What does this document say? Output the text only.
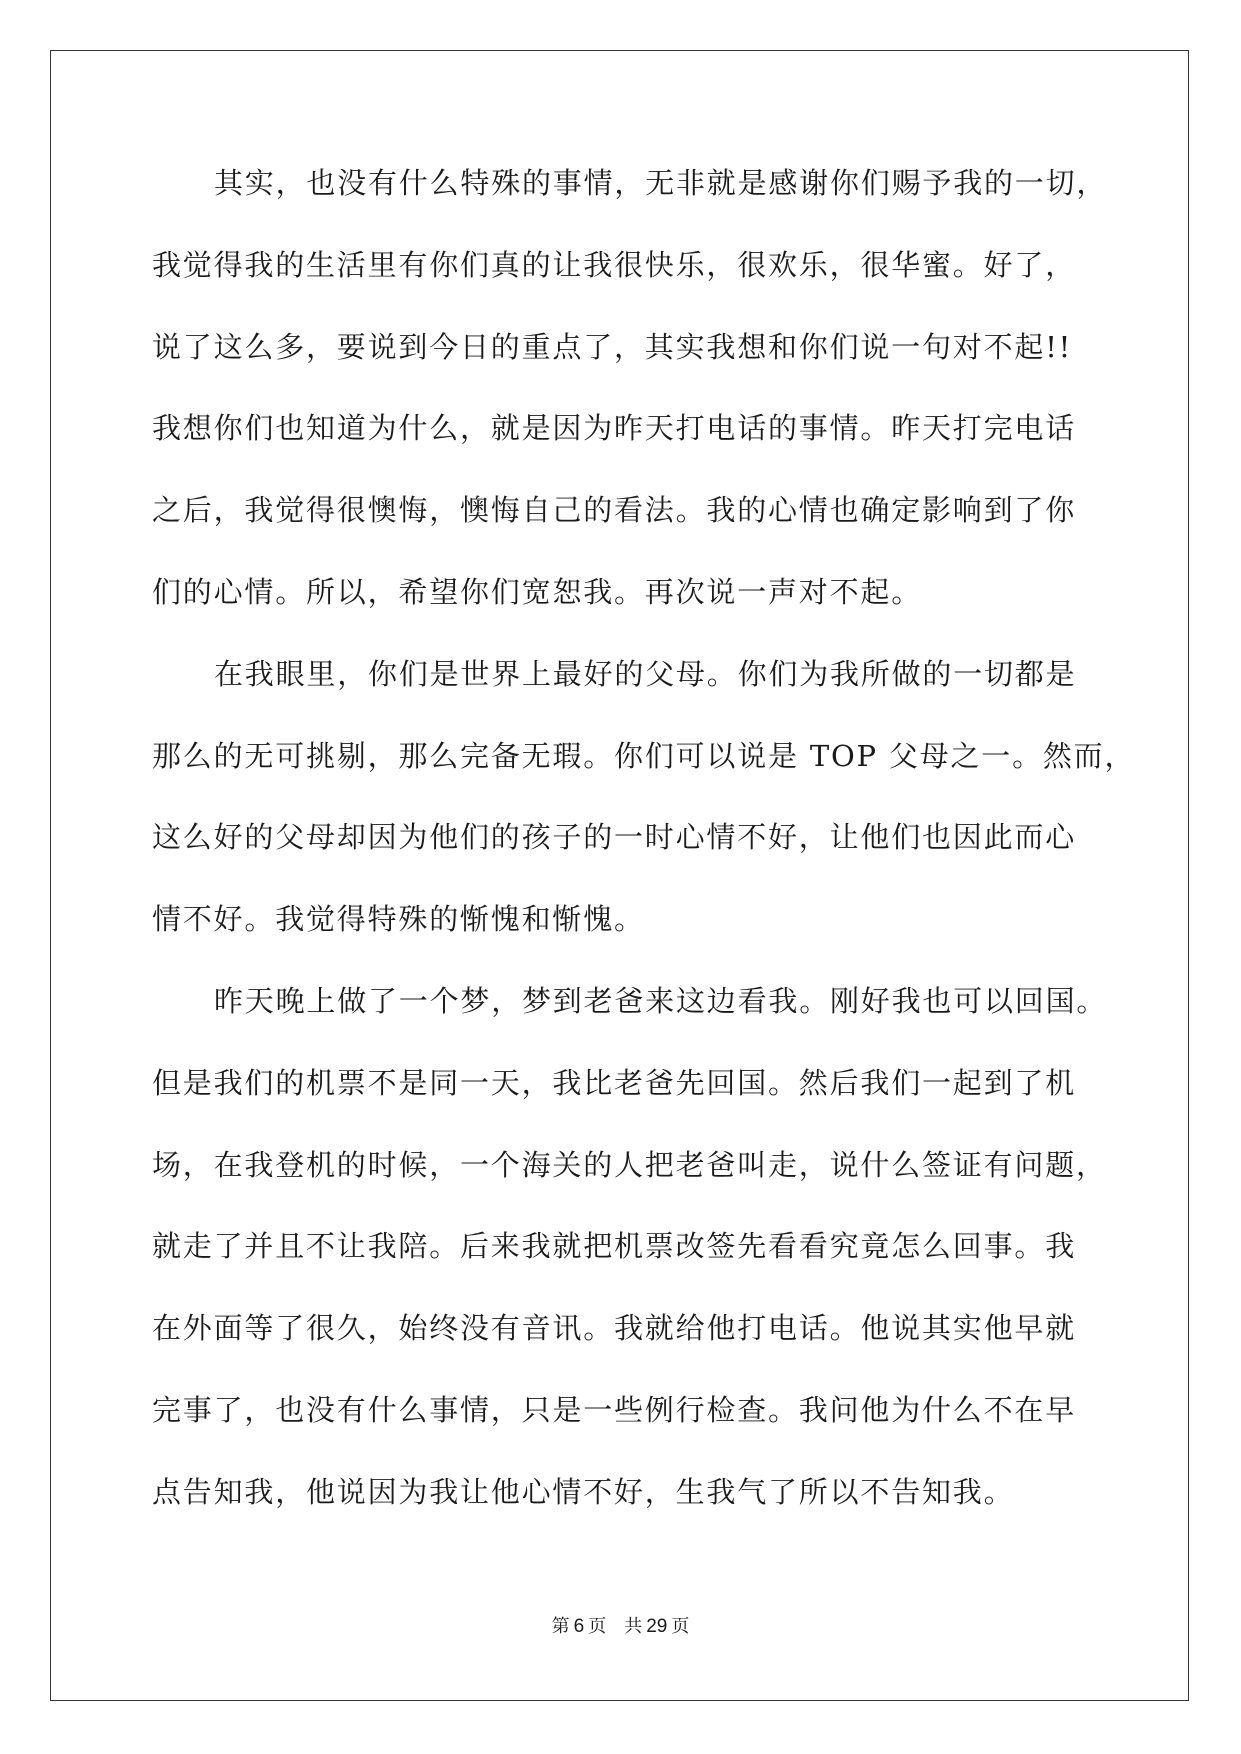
其实，也没有什么特殊的事情，无非就是感谢你们赐予我的一切，
我觉得我的生活里有你们真的让我很快乐，很欢乐，很华蜜。好了，
说了这么多，要说到今日的重点了，其实我想和你们说一句对不起!!
我想你们也知道为什么，就是因为昨天打电话的事情。昨天打完电话
之后，我觉得很懊悔，懊悔自己的看法。我的心情也确定影响到了你
们的心情。所以，希望你们宽恕我。再次说一声对不起。
在我眼里，你们是世界上最好的父母。你们为我所做的一切都是
那么的无可挑剔，那么完备无瑕。你们可以说是 TOP 父母之一。然而，
这么好的父母却因为他们的孩子的一时心情不好，让他们也因此而心
情不好。我觉得特殊的惭愧和惭愧。
昨天晚上做了一个梦，梦到老爸来这边看我。刚好我也可以回国。
但是我们的机票不是同一天，我比老爸先回国。然后我们一起到了机
场，在我登机的时候，一个海关的人把老爸叫走，说什么签证有问题，
就走了并且不让我陪。后来我就把机票改签先看看究竟怎么回事。我
在外面等了很久，始终没有音讯。我就给他打电话。他说其实他早就
完事了，也没有什么事情，只是一些例行检查。我问他为什么不在早
点告知我，他说因为我让他心情不好，生我气了所以不告知我。
第 6 页 共 29 页
